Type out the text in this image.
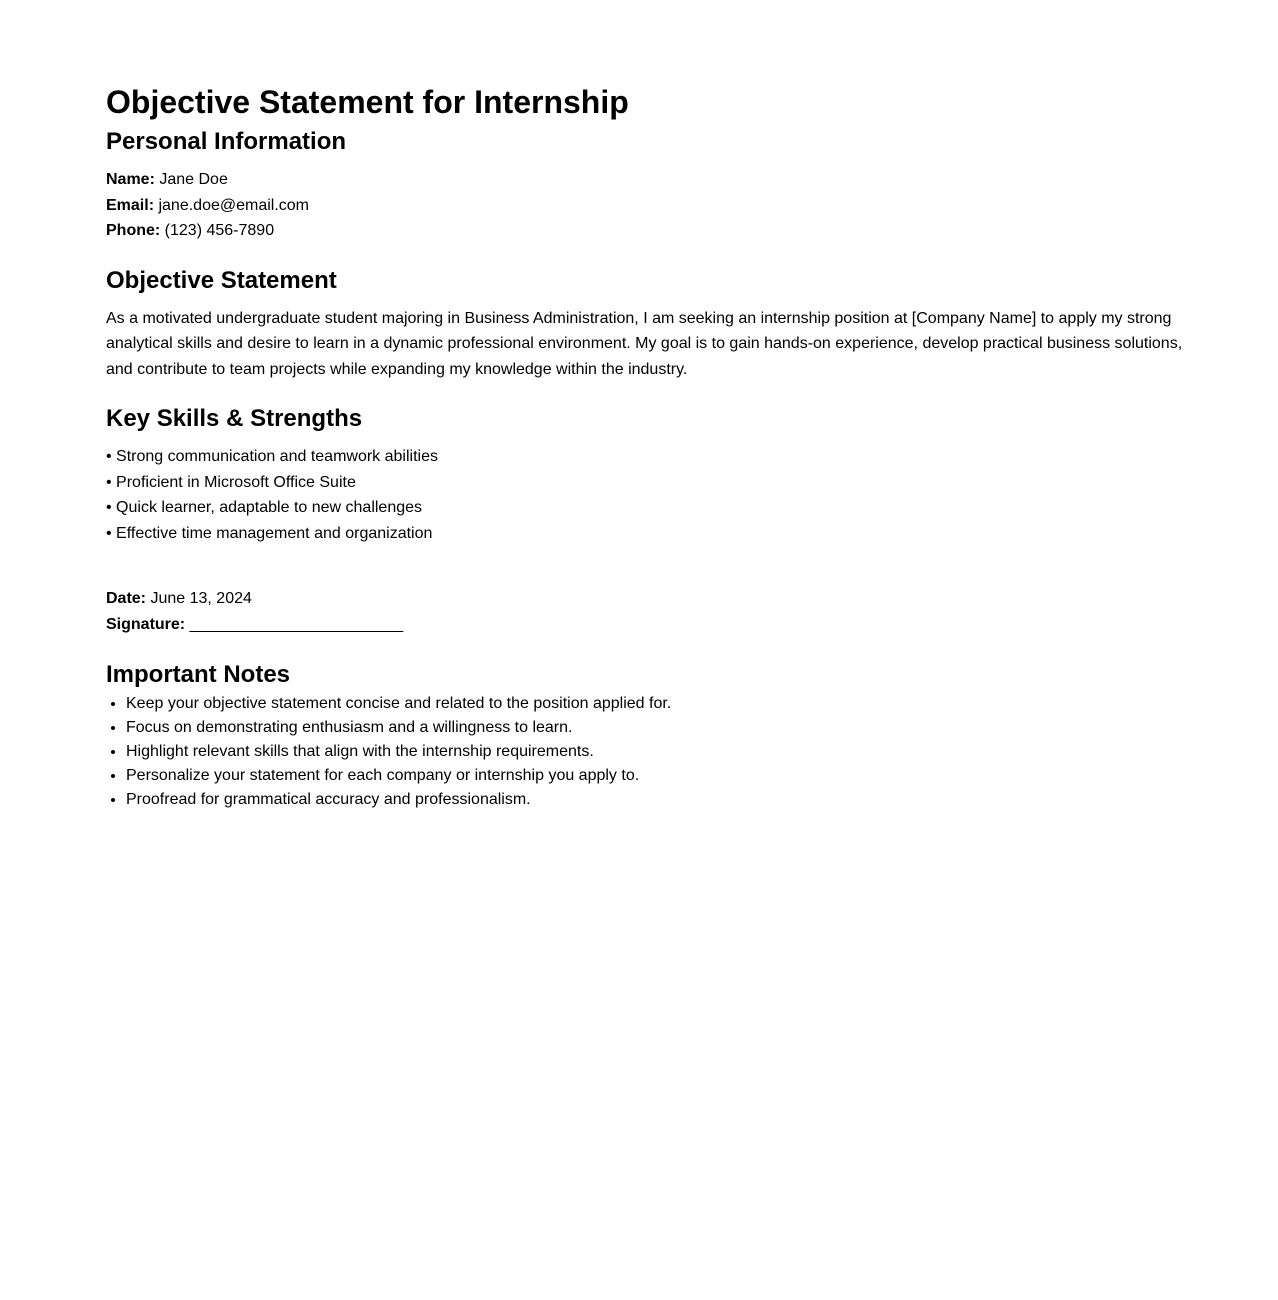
Objective Statement for Internship
Personal Information
Name: Jane Doe
Email: jane.doe@email.com
Phone: (123) 456-7890
Objective Statement
As a motivated undergraduate student majoring in Business Administration, I am seeking an internship position at [Company Name] to apply my strong analytical skills and desire to learn in a dynamic professional environment. My goal is to gain hands-on experience, develop practical business solutions, and contribute to team projects while expanding my knowledge within the industry.
Key Skills & Strengths
• Strong communication and teamwork abilities
• Proficient in Microsoft Office Suite
• Quick learner, adaptable to new challenges
• Effective time management and organization
Date: June 13, 2024
Signature: ________________________
Important Notes
• Keep your objective statement concise and related to the position applied for.
• Focus on demonstrating enthusiasm and a willingness to learn.
• Highlight relevant skills that align with the internship requirements.
• Personalize your statement for each company or internship you apply to.
• Proofread for grammatical accuracy and professionalism.
